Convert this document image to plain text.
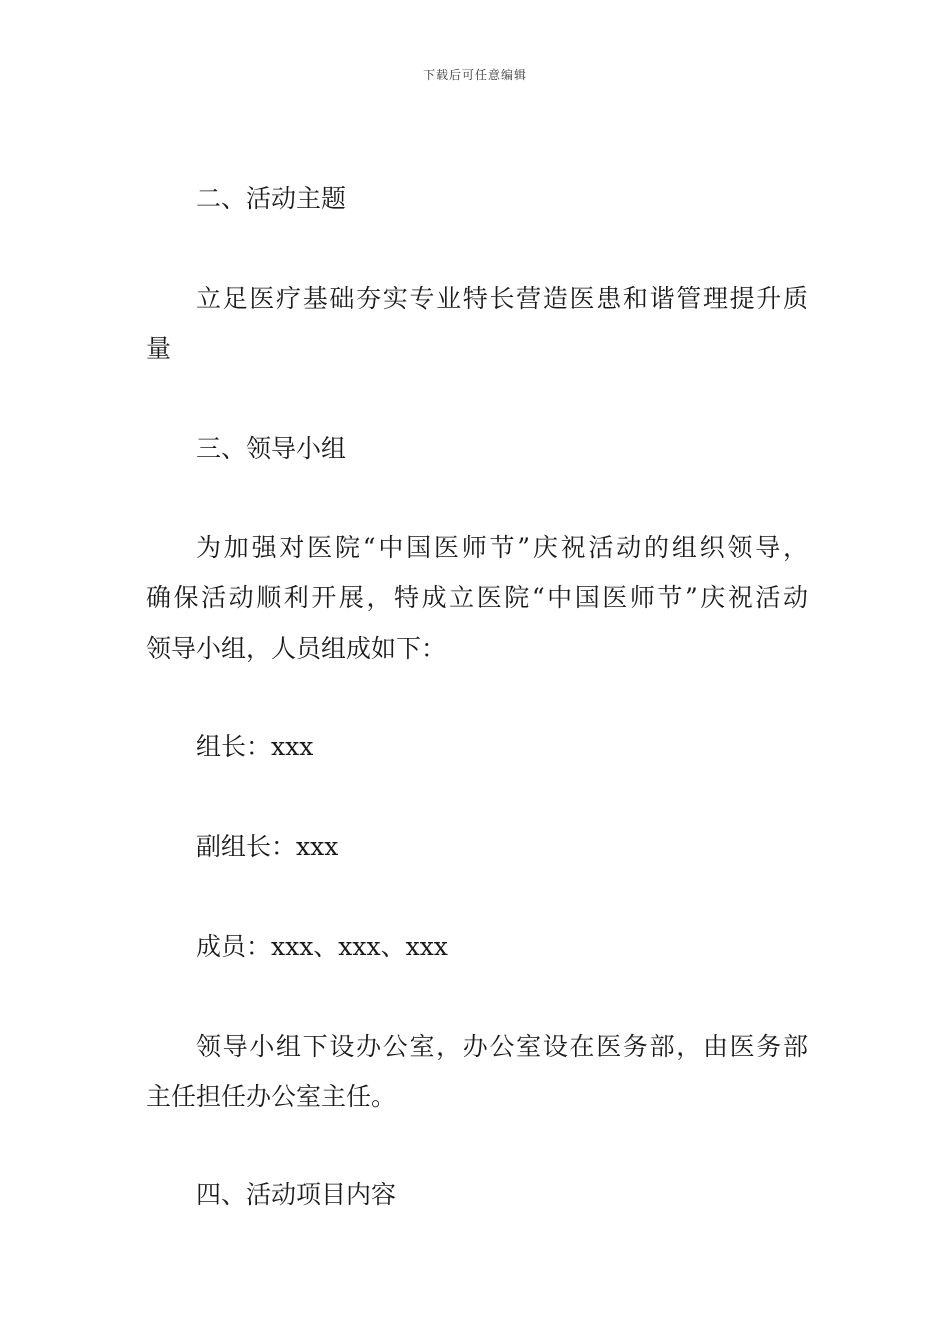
下载后可任意编辑
二、活动主题
立足医疗基础夯实专业特长营造医患和谐管理提升质
量
三、领导小组
为加强对医院“中国医师节”庆祝活动的组织领导，
确保活动顺利开展，特成立医院“中国医师节”庆祝活动
领导小组，人员组成如下：
组长：xxx
副组长：xxx
成员：xxx、xxx、xxx
领导小组下设办公室，办公室设在医务部，由医务部
主任担任办公室主任。
四、活动项目内容
